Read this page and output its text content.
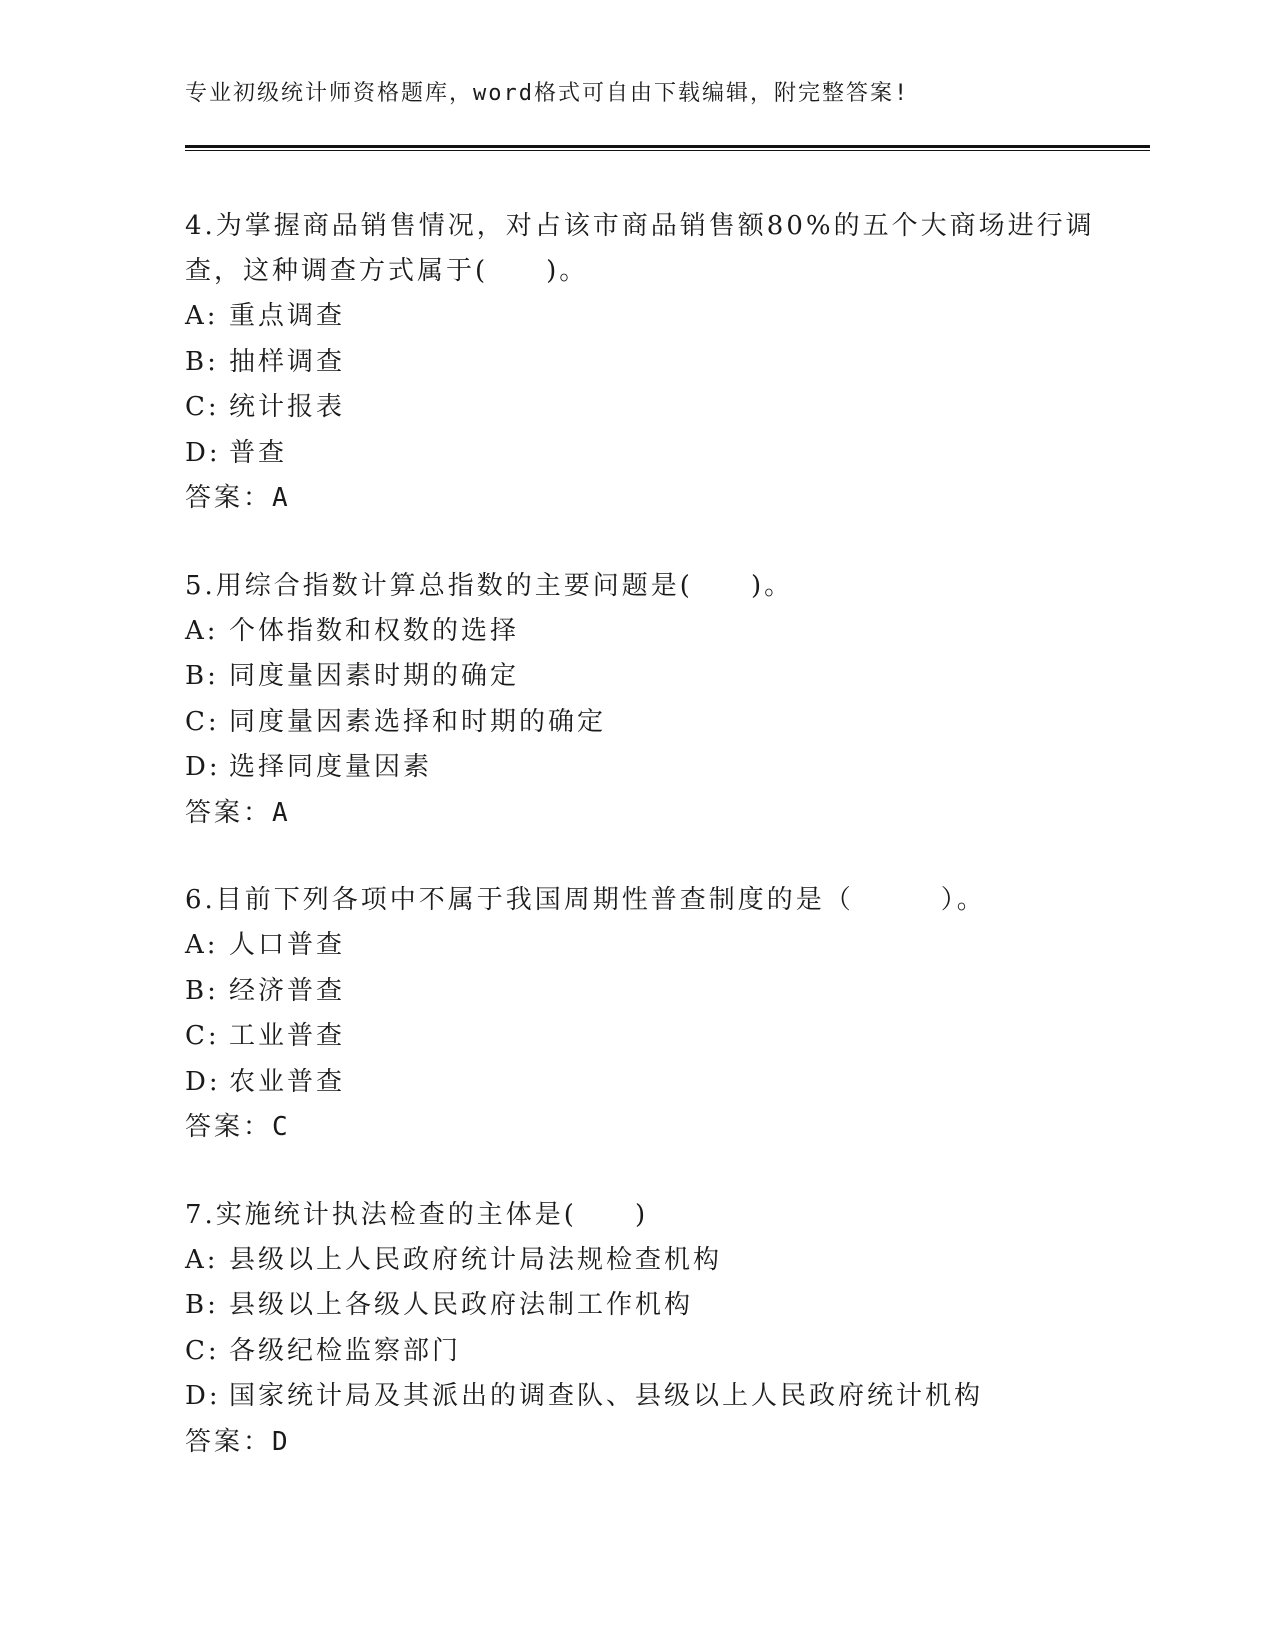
专业初级统计师资格题库，word格式可自由下载编辑，附完整答案!
4.为掌握商品销售情况，对占该市商品销售额80%的五个大商场进行调查，这种调查方式属于(　　)。
A: 重点调查
B: 抽样调查
C: 统计报表
D: 普查
答案：A
5.用综合指数计算总指数的主要问题是(　　)。
A: 个体指数和权数的选择
B: 同度量因素时期的确定
C: 同度量因素选择和时期的确定
D: 选择同度量因素
答案：A
6.目前下列各项中不属于我国周期性普查制度的是（　　　）。
A: 人口普查
B: 经济普查
C: 工业普查
D: 农业普查
答案：C
7.实施统计执法检查的主体是(　　)
A: 县级以上人民政府统计局法规检查机构
B: 县级以上各级人民政府法制工作机构
C: 各级纪检监察部门
D: 国家统计局及其派出的调查队、县级以上人民政府统计机构
答案：D
